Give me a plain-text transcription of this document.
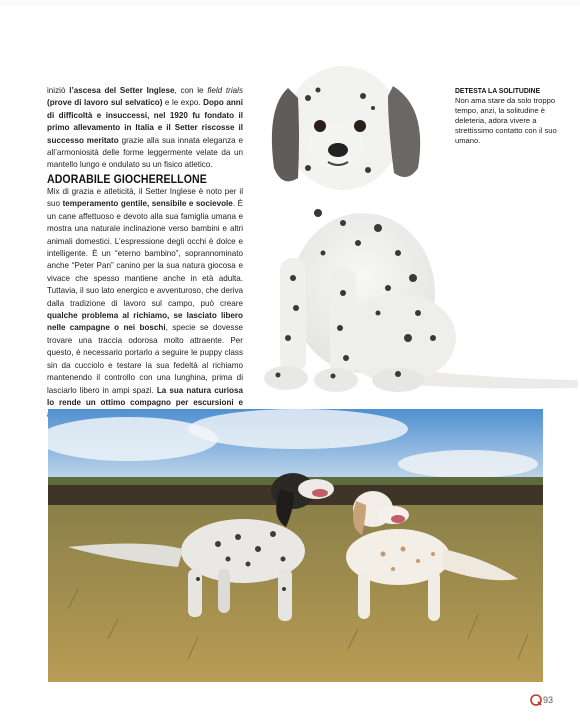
iniziò l’ascesa del Setter Inglese, con le field trials (prove di lavoro sul selvatico) e le expo. Dopo anni di difficoltà e insuccessi, nel 1920 fu fondato il primo allevamento in Italia e il Setter riscosse il successo meritato grazie alla sua innata eleganza e all’armoniosità delle forme leggermente velate da un mantello lungo e ondulato su un fisico atletico.

ADORABILE GIOCHERELLONE

Mix di grazia e atleticità, il Setter Inglese è noto per il suo temperamento gentile, sensibile e socievole. È un cane affettuoso e devoto alla sua famiglia umana e mostra una naturale inclinazione verso bambini e altri animali domestici. L’espressione degli occhi è dolce e intelligente. È un “eterno bambino”, soprannominato anche “Peter Pan” canino per la sua natura giocosa e vivace che spesso mantiene anche in età adulta. Tuttavia, il suo lato energico e avventuroso, che deriva dalla tradizione di lavoro sul campo, può creare qualche problema al richiamo, se lasciato libero nelle campagne o nei boschi, specie se dovesse trovare una traccia odorosa molto attraente. Per questo, è necessario portarlo a seguire le puppy class sin da cucciolo e testare la sua fedeltà al richiamo mantenendo il controllo con una lunghina, prima di lasciarlo libero in ampi spazi. La sua natura curiosa lo rende un ottimo compagno per escursioni e

DETESTA LA SOLITUDINE

Non ama stare da solo troppo tempo, anzi, la solitudine è deleteria, adora vivere a strettissimo contatto con il suo umano.

93
